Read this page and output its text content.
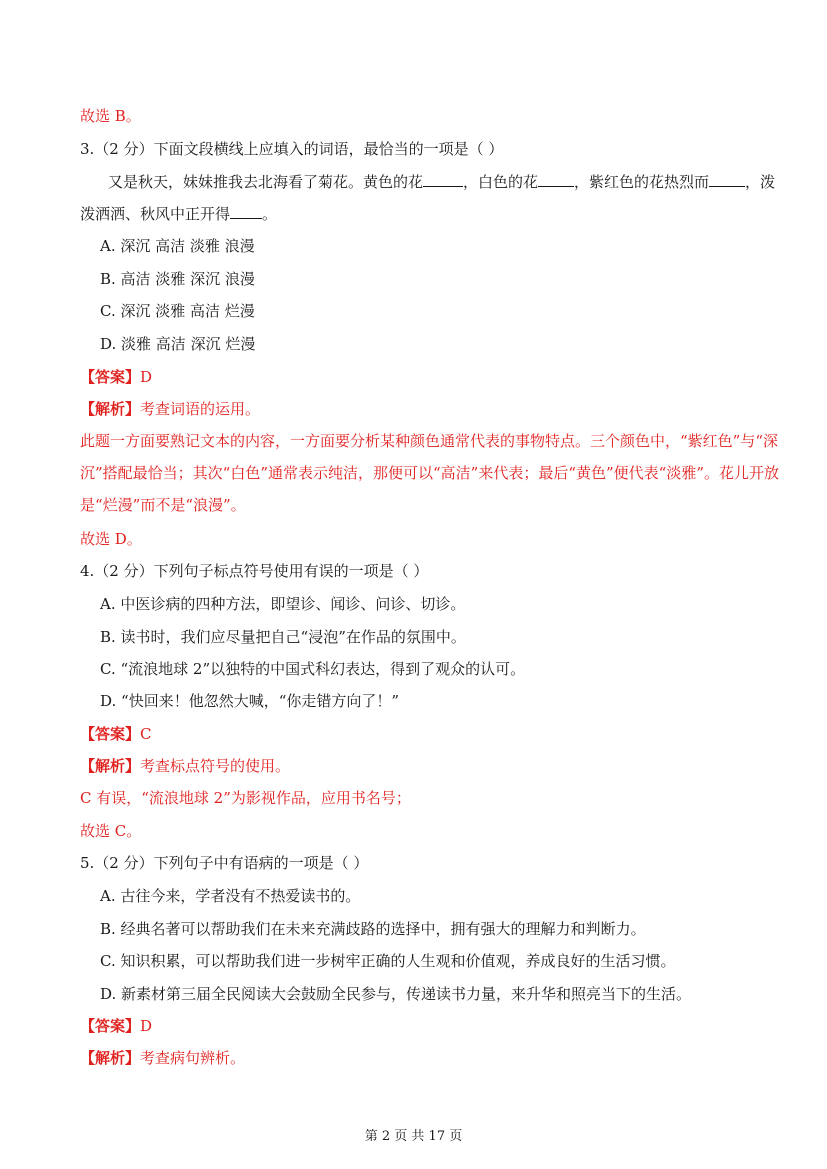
故选 B。
3.（2 分）下面文段横线上应填入的词语，最恰当的一项是（ ）
又是秋天，妹妹推我去北海看了菊花。黄色的花	，白色的花 ，紫红色的花热烈而 ，泼
泼洒洒、秋风中正开得 。
A. 深沉 高洁 淡雅 浪漫
B. 高洁 淡雅 深沉 浪漫
C. 深沉 淡雅 高洁 烂漫
D. 淡雅 高洁 深沉 烂漫
【答案】D
【解析】考查词语的运用。
此题一方面要熟记文本的内容，一方面要分析某种颜色通常代表的事物特点。三个颜色中，“紫红色”与“深
沉”搭配最恰当；其次“白色”通常表示纯洁，那便可以“高洁”来代表；最后“黄色”便代表“淡雅”。花儿开放
是“烂漫”而不是“浪漫”。
故选 D。
4.（2 分）下列句子标点符号使用有误的一项是（ ）
A. 中医诊病的四种方法，即望诊、闻诊、问诊、切诊。
B. 读书时，我们应尽量把自己“浸泡”在作品的氛围中。
C. “流浪地球 2”以独特的中国式科幻表达，得到了观众的认可。
D. “快回来！他忽然大喊，“你走错方向了！”
【答案】C
【解析】考查标点符号的使用。
C 有误，“流浪地球 2”为影视作品，应用书名号；
故选 C。
5.（2 分）下列句子中有语病的一项是（ ）
A. 古往今来，学者没有不热爱读书的。
B. 经典名著可以帮助我们在未来充满歧路的选择中，拥有强大的理解力和判断力。
C. 知识积累，可以帮助我们进一步树牢正确的人生观和价值观，养成良好的生活习惯。
D. 新素材第三届全民阅读大会鼓励全民参与，传递读书力量，来升华和照亮当下的生活。
【答案】D
【解析】考查病句辨析。
第 2 页 共 17 页
